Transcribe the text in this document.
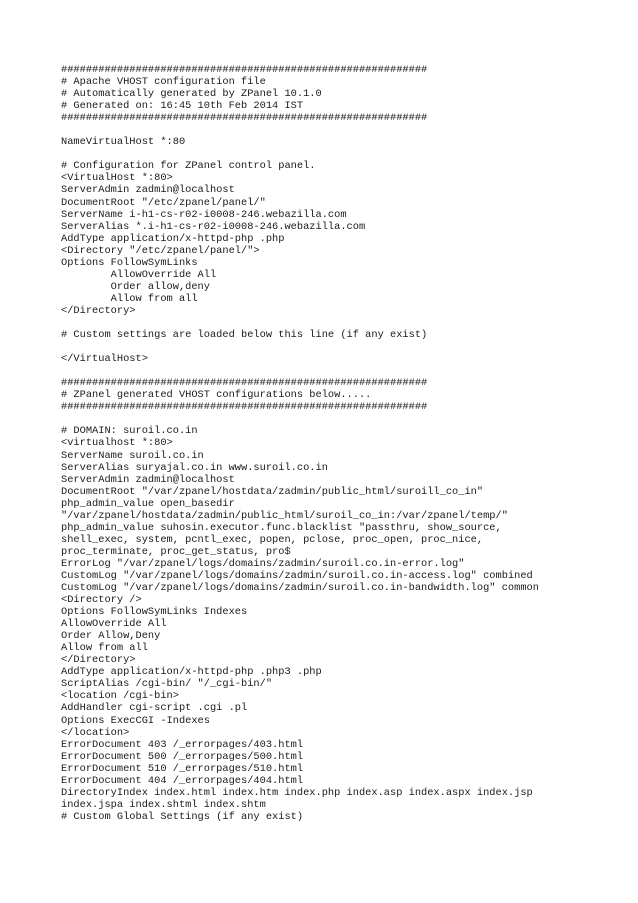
###########################################################
# Apache VHOST configuration file
# Automatically generated by ZPanel 10.1.0
# Generated on: 16:45 10th Feb 2014 IST
###########################################################
NameVirtualHost *:80
# Configuration for ZPanel control panel.
<VirtualHost *:80>
ServerAdmin zadmin@localhost
DocumentRoot "/etc/zpanel/panel/"
ServerName i-h1-cs-r02-i0008-246.webazilla.com
ServerAlias *.i-h1-cs-r02-i0008-246.webazilla.com
AddType application/x-httpd-php .php
<Directory "/etc/zpanel/panel/">
Options FollowSymLinks
AllowOverride All
Order allow,deny
Allow from all
</Directory>
# Custom settings are loaded below this line (if any exist)
</VirtualHost>
###########################################################
# ZPanel generated VHOST configurations below.....
###########################################################
# DOMAIN: suroil.co.in
<virtualhost *:80>
ServerName suroil.co.in
ServerAlias suryajal.co.in www.suroil.co.in
ServerAdmin zadmin@localhost
DocumentRoot "/var/zpanel/hostdata/zadmin/public_html/suroill_co_in"
php_admin_value open_basedir
"/var/zpanel/hostdata/zadmin/public_html/suroil_co_in:/var/zpanel/temp/"
php_admin_value suhosin.executor.func.blacklist "passthru, show_source,
shell_exec, system, pcntl_exec, popen, pclose, proc_open, proc_nice,
proc_terminate, proc_get_status, pro$
ErrorLog "/var/zpanel/logs/domains/zadmin/suroil.co.in-error.log"
CustomLog "/var/zpanel/logs/domains/zadmin/suroil.co.in-access.log" combined
CustomLog "/var/zpanel/logs/domains/zadmin/suroil.co.in-bandwidth.log" common
<Directory />
Options FollowSymLinks Indexes
AllowOverride All
Order Allow,Deny
Allow from all
</Directory>
AddType application/x-httpd-php .php3 .php
ScriptAlias /cgi-bin/ "/_cgi-bin/"
<location /cgi-bin>
AddHandler cgi-script .cgi .pl
Options ExecCGI -Indexes
</location>
ErrorDocument 403 /_errorpages/403.html
ErrorDocument 500 /_errorpages/500.html
ErrorDocument 510 /_errorpages/510.html
ErrorDocument 404 /_errorpages/404.html
DirectoryIndex index.html index.htm index.php index.asp index.aspx index.jsp
index.jspa index.shtml index.shtm
# Custom Global Settings (if any exist)
